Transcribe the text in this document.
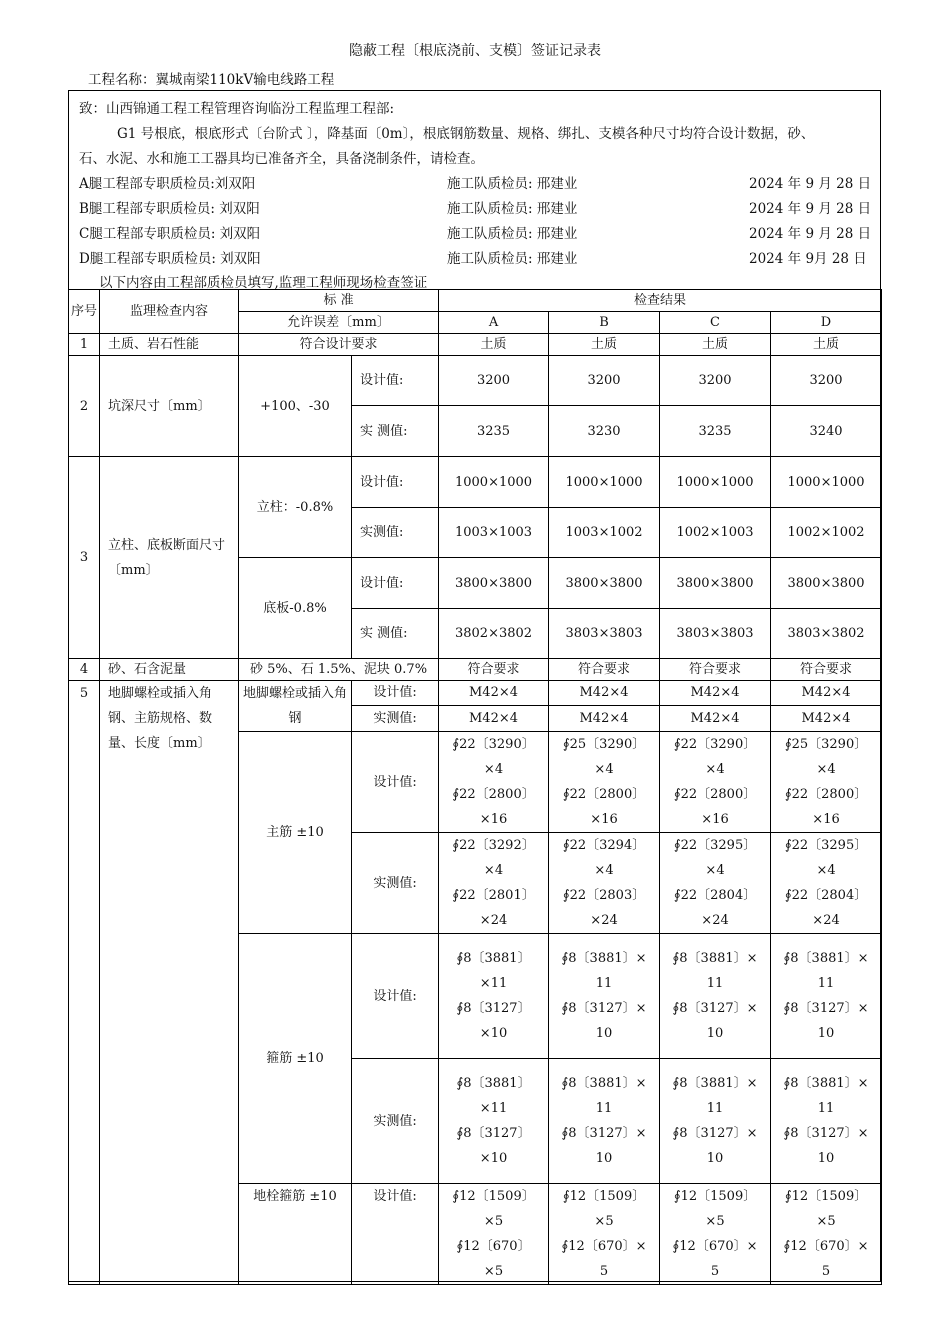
隐蔽工程〔根底浇前、支模〕签证记录表
工程名称：翼城南梁110kV输电线路工程
致：山西锦通工程工程管理咨询临汾工程监理工程部:
G1 号根底，根底形式〔台阶式 〕，降基面〔0m〕，根底钢筋数量、规格、绑扎、支模各种尺寸均符合设计数据，砂、
石、水泥、水和施工工器具均已准备齐全，具备浇制条件，请检查。
A腿工程部专职质检员:刘双阳	施工队质检员: 邢建业	2024 年 9 月 28 日
B腿工程部专职质检员: 刘双阳	施工队质检员: 邢建业	2024 年 9 月 28 日
C腿工程部专职质检员: 刘双阳	施工队质检员: 邢建业	2024 年 9 月 28 日
D腿工程部专职质检员: 刘双阳	施工队质检员: 邢建业	2024 年 9月 28 日
以下内容由工程部质检员填写,监理工程师现场检查签证
序号	监理检查内容	标 准		检查结果			
		允许误差〔mm〕		A	B	C	D
1	土质、岩石性能	符合设计要求		土质	土质	土质	土质
2	坑深尺寸〔mm〕	+100、-30	设计值:	3200	3200	3200	3200
			实 测值:	3235	3230	3235	3240
3	立柱、底板断面尺寸〔mm〕	立柱：-0.8%	设计值:	1000×1000	1000×1000	1000×1000	1000×1000
			实测值:	1003×1003	1003×1002	1002×1003	1002×1002
		底板-0.8%	设计值:	3800×3800	3800×3800	3800×3800	3800×3800
			实 测值:	3802×3802	3803×3803	3803×3803	3803×3802
4	砂、石含泥量	砂 5%、石 1.5%、泥块 0.7%		符合要求	符合要求	符合要求	符合要求
5	地脚螺栓或插入角钢、主筋规格、数量、长度〔mm〕	地脚螺栓或插入角钢	设计值:	M42×4	M42×4	M42×4	M42×4
			实测值:	M42×4	M42×4	M42×4	M42×4
		主筋 ±10	设计值:	∮22〔3290〕
×4
∮22〔2800〕
×16	∮25〔3290〕
×4
∮22〔2800〕
×16	∮22〔3290〕
×4
∮22〔2800〕
×16	∮25〔3290〕
×4
∮22〔2800〕
×16

			实测值:	∮22〔3292〕
×4
∮22〔2801〕
×24	∮22〔3294〕
×4
∮22〔2803〕
×24	∮22〔3295〕
×4
∮22〔2804〕
×24	∮22〔3295〕
×4
∮22〔2804〕
×24

		箍筋 ±10	设计值:	∮8〔3881〕
×11
∮8〔3127〕
×10	∮8〔3881〕×
11
∮8〔3127〕×
10	∮8〔3881〕×
11
∮8〔3127〕×
10	∮8〔3881〕×
11
∮8〔3127〕×
10

			实测值:	∮8〔3881〕
×11
∮8〔3127〕
×10	∮8〔3881〕×
11
∮8〔3127〕×
10	∮8〔3881〕×
11
∮8〔3127〕×
10	∮8〔3881〕×
11
∮8〔3127〕×
10

		地栓箍筋 ±10	设计值:	∮12〔1509〕
×5
∮12〔670〕
×5	∮12〔1509〕
×5
∮12〔670〕×
5	∮12〔1509〕
×5
∮12〔670〕×
5	∮12〔1509〕
×5
∮12〔670〕×
5
